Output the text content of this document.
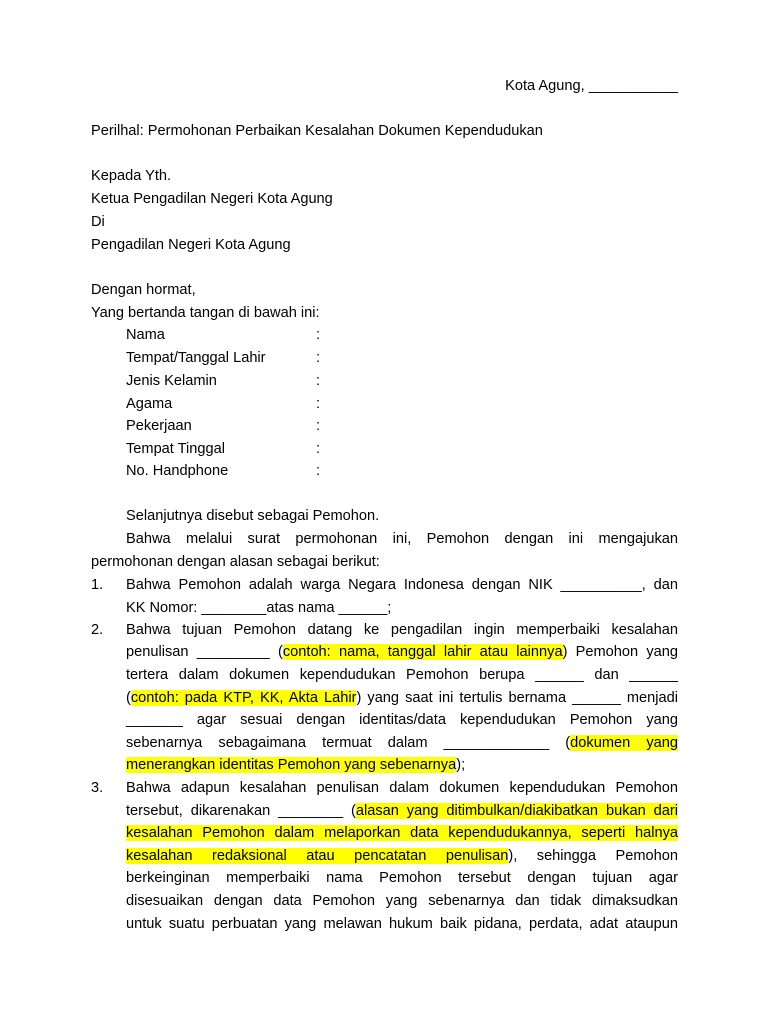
Kota Agung, ___________
Perilhal: Permohonan Perbaikan Kesalahan Dokumen Kependudukan
Kepada Yth.
Ketua Pengadilan Negeri Kota Agung
Di
Pengadilan Negeri Kota Agung
Dengan hormat,
Yang bertanda tangan di bawah ini:
Nama	:
Tempat/Tanggal Lahir	:
Jenis Kelamin	:
Agama	:
Pekerjaan	:
Tempat Tinggal	:
No. Handphone	:
Selanjutnya disebut sebagai Pemohon.
Bahwa melalui surat permohonan ini, Pemohon dengan ini mengajukan
permohonan dengan alasan sebagai berikut:
1. Bahwa Pemohon adalah warga Negara Indonesa dengan NIK __________, dan
KK Nomor: ________atas nama ______;
2. Bahwa tujuan Pemohon datang ke pengadilan ingin memperbaiki kesalahan
penulisan _________ (contoh: nama, tanggal lahir atau lainnya) Pemohon yang
tertera dalam dokumen kependudukan Pemohon berupa ______ dan ______
(contoh: pada KTP, KK, Akta Lahir) yang saat ini tertulis bernama ______ menjadi
_______ agar sesuai dengan identitas/data kependudukan Pemohon yang
sebenarnya sebagaimana termuat dalam _____________ (dokumen yang
menerangkan identitas Pemohon yang sebenarnya);
3. Bahwa adapun kesalahan penulisan dalam dokumen kependudukan Pemohon
tersebut, dikarenakan ________ (alasan yang ditimbulkan/diakibatkan bukan dari
kesalahan Pemohon dalam melaporkan data kependudukannya, seperti halnya
kesalahan redaksional atau pencatatan penulisan), sehingga Pemohon
berkeinginan memperbaiki nama Pemohon tersebut dengan tujuan agar
disesuaikan dengan data Pemohon yang sebenarnya dan tidak dimaksudkan
untuk suatu perbuatan yang melawan hukum baik pidana, perdata, adat ataupun
